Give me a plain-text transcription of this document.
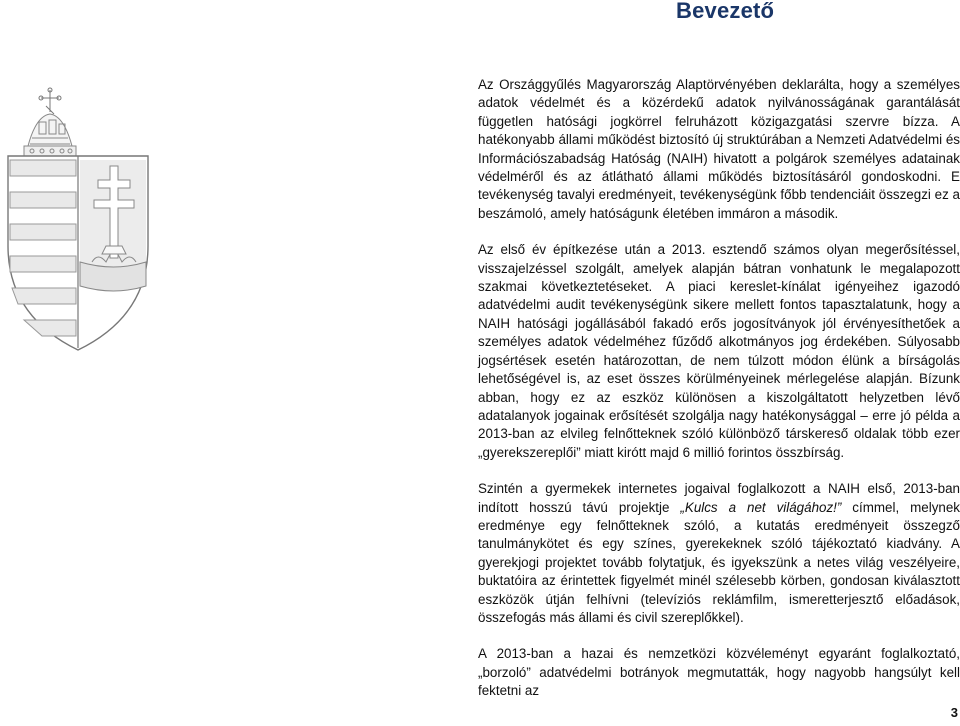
Bevezető

Az Országgyűlés Magyarország Alaptörvényében deklarálta, hogy a személyes adatok védelmét és a közérdekű adatok nyilvánosságának garantálását független hatósági jogkörrel felruházott közigazgatási szervre bízza. A hatékonyabb állami működést biztosító új struktúrában a Nemzeti Adatvédelmi és Információszabadság Hatóság (NAIH) hivatott a polgárok személyes adatainak védelméről és az átlátható állami működés biztosításáról gondoskodni. E tevékenység tavalyi eredményeit, tevékenységünk főbb tendenciáit összegzi ez a beszámoló, amely hatóságunk életében immáron a második.

Az első év építkezése után a 2013. esztendő számos olyan megerősítéssel, visszajelzéssel szolgált, amelyek alapján bátran vonhatunk le megalapozott szakmai következtetéseket. A piaci kereslet-kínálat igényeihez igazodó adatvédelmi audit tevékenységünk sikere mellett fontos tapasztalatunk, hogy a NAIH hatósági jogállásából fakadó erős jogosítványok jól érvényesíthetőek a személyes adatok védelméhez fűződő alkotmányos jog érdekében. Súlyosabb jogsértések esetén határozottan, de nem túlzott módon élünk a bírságolás lehetőségével is, az eset összes körülményeinek mérlegelése alapján. Bízunk abban, hogy ez az eszköz különösen a kiszolgáltatott helyzetben lévő adatalanyok jogainak erősítését szolgálja nagy hatékonysággal – erre jó példa a 2013-ban az elvileg felnőtteknek szóló különböző társkereső oldalak több ezer „gyerekszereplői” miatt kirótt majd 6 millió forintos összbírság.

Szintén a gyermekek internetes jogaival foglalkozott a NAIH első, 2013-ban indított hosszú távú projektje „Kulcs a net világához!” címmel, melynek eredménye egy felnőtteknek szóló, a kutatás eredményeit összegző tanulmánykötet és egy színes, gyerekeknek szóló tájékoztató kiadvány. A gyerekjogi projektet tovább folytatjuk, és igyekszünk a netes világ veszélyeire, buktatóira az érintettek figyelmét minél szélesebb körben, gondosan kiválasztott eszközök útján felhívni (televíziós reklámfilm, ismeretterjesztő előadások, összefogás más állami és civil szereplőkkel).

A 2013-ban a hazai és nemzetközi közvéleményt egyaránt foglalkoztató, „borzoló” adatvédelmi botrányok megmutatták, hogy nagyobb hangsúlyt kell fektetni az

3
